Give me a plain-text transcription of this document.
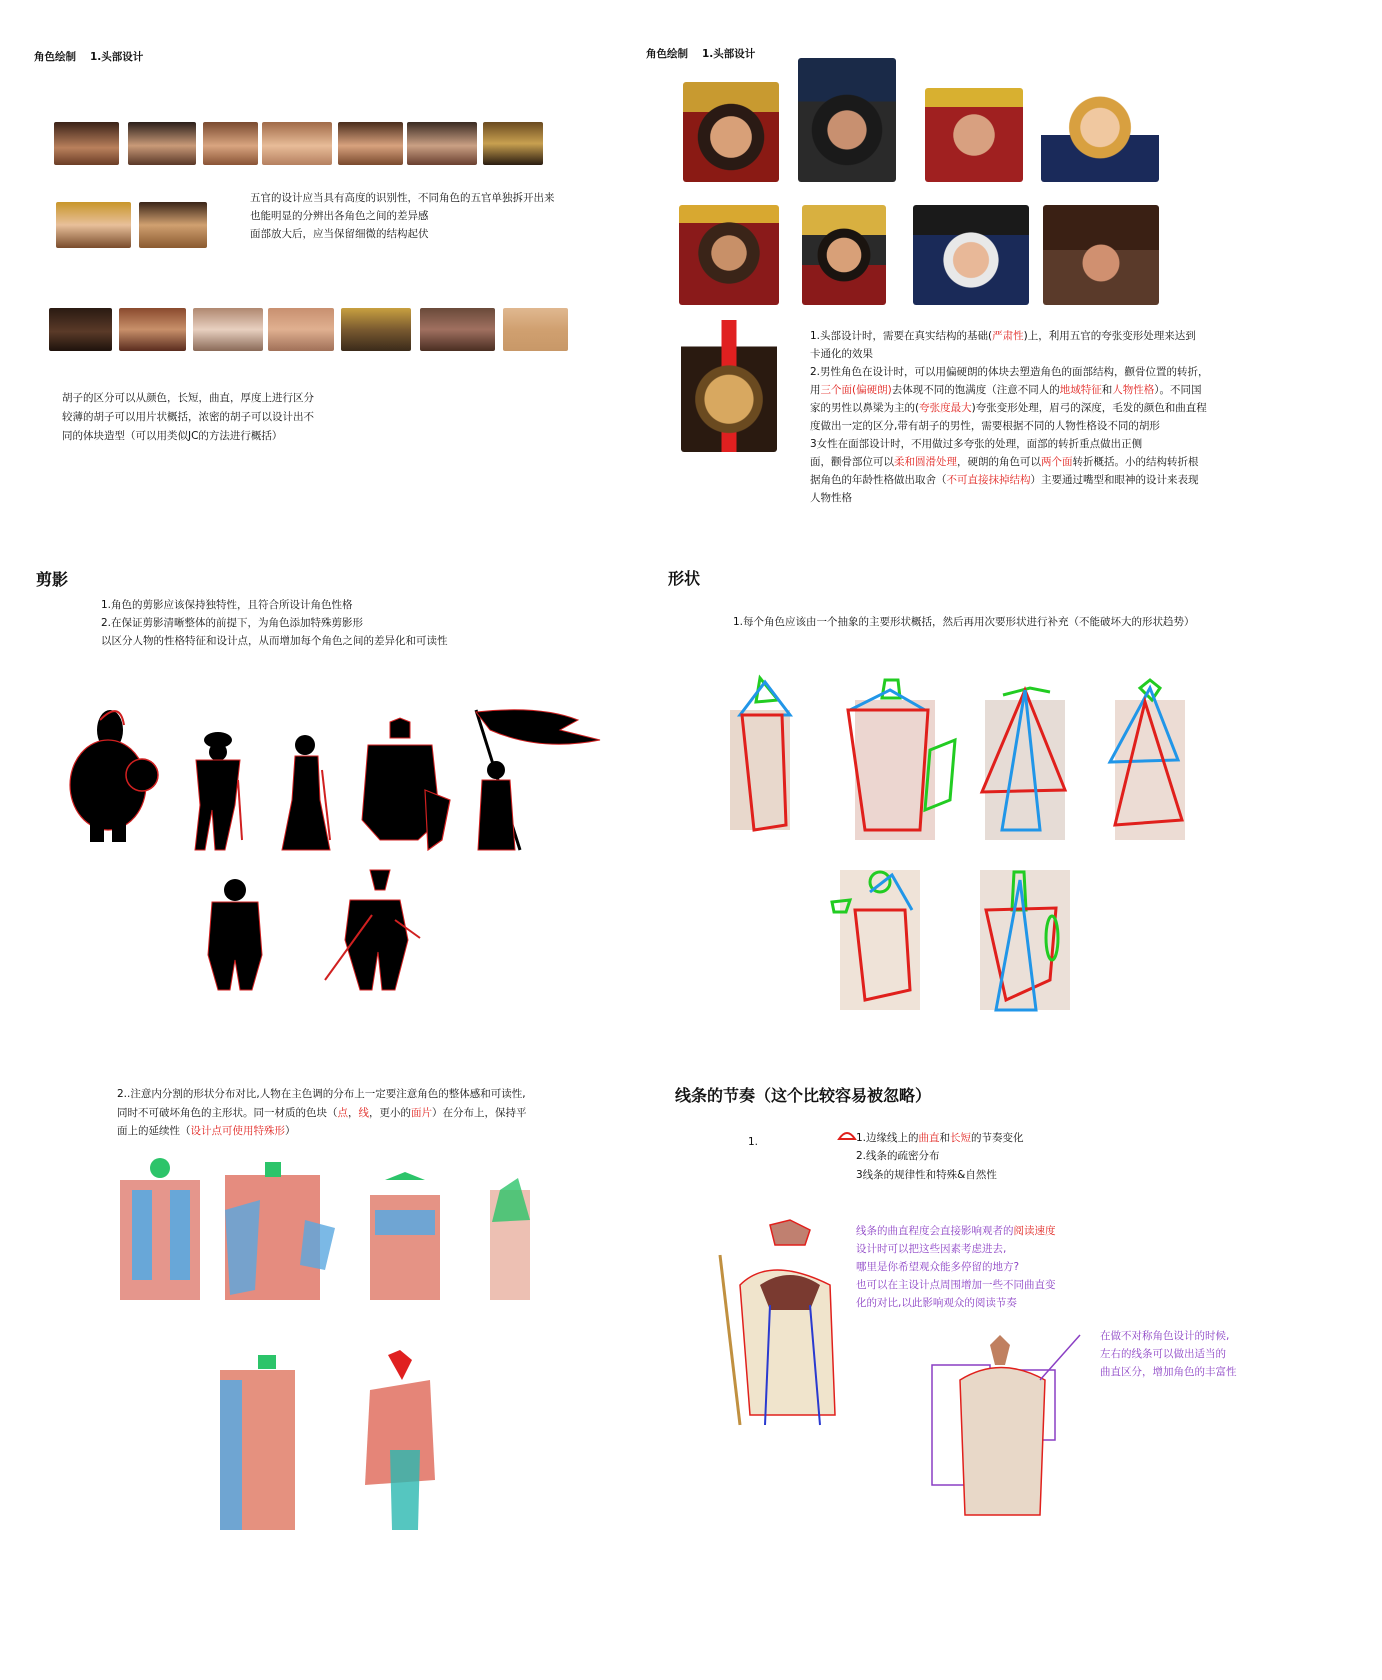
角色绘制 1.头部设计
五官的设计应当具有高度的识别性，不同角色的五官单独拆开出来
也能明显的分辨出各角色之间的差异感
面部放大后，应当保留细微的结构起伏
胡子的区分可以从颜色，长短，曲直，厚度上进行区分
较薄的胡子可以用片状概括，浓密的胡子可以设计出不
同的体块造型（可以用类似JC的方法进行概括）
角色绘制 1.头部设计
1.头部设计时，需要在真实结构的基础(严肃性)上，利用五官的夸张变形处理来达到
卡通化的效果
2.男性角色在设计时，可以用偏硬朗的体块去塑造角色的面部结构，颧骨位置的转折，
用三个面(偏硬朗)去体现不同的饱满度（注意不同人的地域特征和人物性格）。不同国
家的男性以鼻梁为主的(夸张度最大)夸张变形处理，眉弓的深度，毛发的颜色和曲直程
度做出一定的区分,带有胡子的男性，需要根据不同的人物性格设不同的胡形
3女性在面部设计时，不用做过多夸张的处理，面部的转折重点做出正侧
面，颧骨部位可以柔和圆滑处理，硬朗的角色可以两个面转折概括。小的结构转折根
据角色的年龄性格做出取舍（不可直接抹掉结构）主要通过嘴型和眼神的设计来表现
人物性格
剪影
1.角色的剪影应该保持独特性，且符合所设计角色性格
2.在保证剪影清晰整体的前提下，为角色添加特殊剪影形
以区分人物的性格特征和设计点，从而增加每个角色之间的差异化和可读性
形状
1.每个角色应该由一个抽象的主要形状概括，然后再用次要形状进行补充（不能破坏大的形状趋势）
2..注意内分割的形状分布对比,人物在主色调的分布上一定要注意角色的整体感和可读性,
同时不可破坏角色的主形状。同一材质的色块（点，线，更小的面片）在分布上，保持平
面上的延续性（设计点可使用特殊形）
线条的节奏（这个比较容易被忽略）
1.	1.边缘线上的曲直和长短的节奏变化
2.线条的疏密分布
3线条的规律性和特殊&自然性
线条的曲直程度会直接影响观者的阅读速度
设计时可以把这些因素考虑进去,
哪里是你希望观众能多停留的地方?
也可以在主设计点周围增加一些不同曲直变
化的对比,以此影响观众的阅读节奏
在做不对称角色设计的时候,
左右的线条可以做出适当的
曲直区分，增加角色的丰富性
